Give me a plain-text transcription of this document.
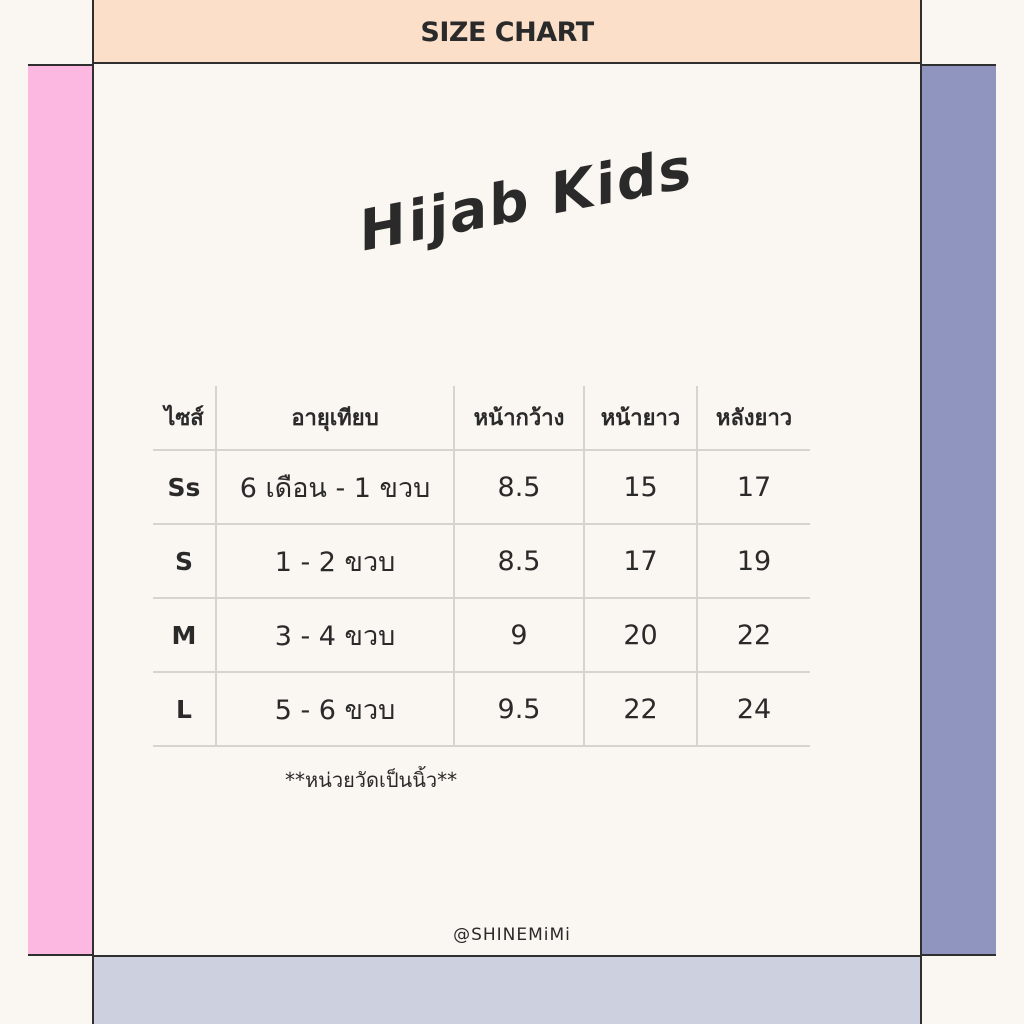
SIZE CHART
Hijab Kids
ไซส์	อายุเทียบ	หน้ากว้าง	หน้ายาว	หลังยาว
Ss	6 เดือน - 1 ขวบ	8.5	15	17
S	1 - 2 ขวบ	8.5	17	19
M	3 - 4 ขวบ	9	20	22
L	5 - 6 ขวบ	9.5	22	24
**หน่วยวัดเป็นนิ้ว**
@SHINEMiMi
